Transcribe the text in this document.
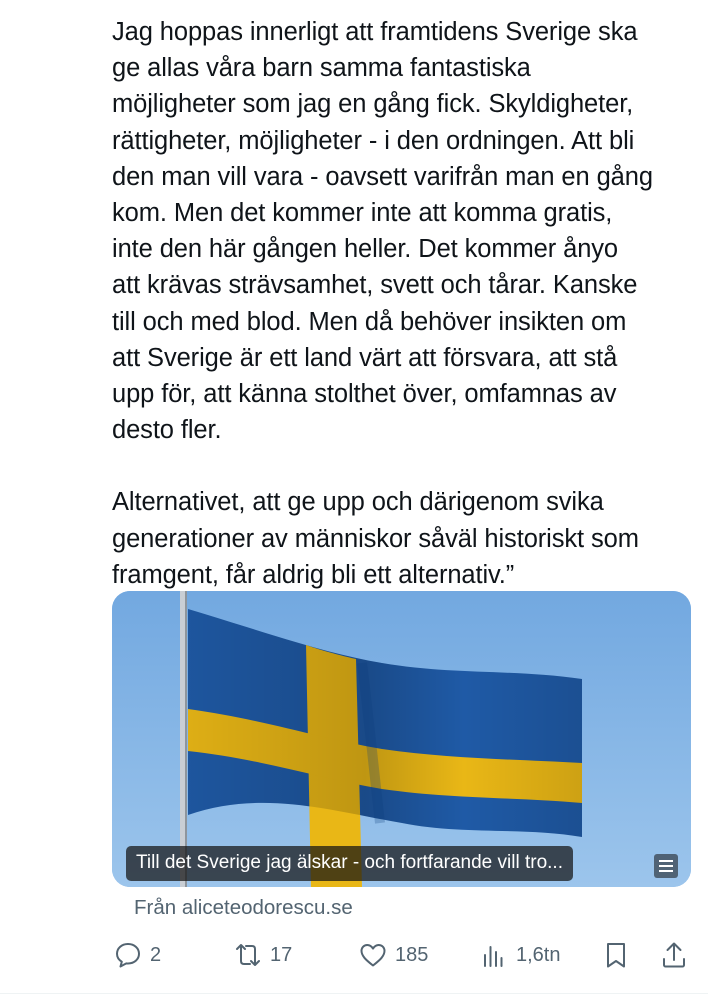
Jag hoppas innerligt att framtidens Sverige ska
ge allas våra barn samma fantastiska
möjligheter som jag en gång fick. Skyldigheter,
rättigheter, möjligheter - i den ordningen. Att bli
den man vill vara - oavsett varifrån man en gång
kom. Men det kommer inte att komma gratis,
inte den här gången heller. Det kommer ånyo
att krävas strävsamhet, svett och tårar. Kanske
till och med blod. Men då behöver insikten om
att Sverige är ett land värt att försvara, att stå
upp för, att känna stolthet över, omfamnas av
desto fler.

Alternativet, att ge upp och därigenom svika
generationer av människor såväl historiskt som
framgent, får aldrig bli ett alternativ.”

Till det Sverige jag älskar - och fortfarande vill tro...
Från aliceteodorescu.se
2	17	185	1,6tn
